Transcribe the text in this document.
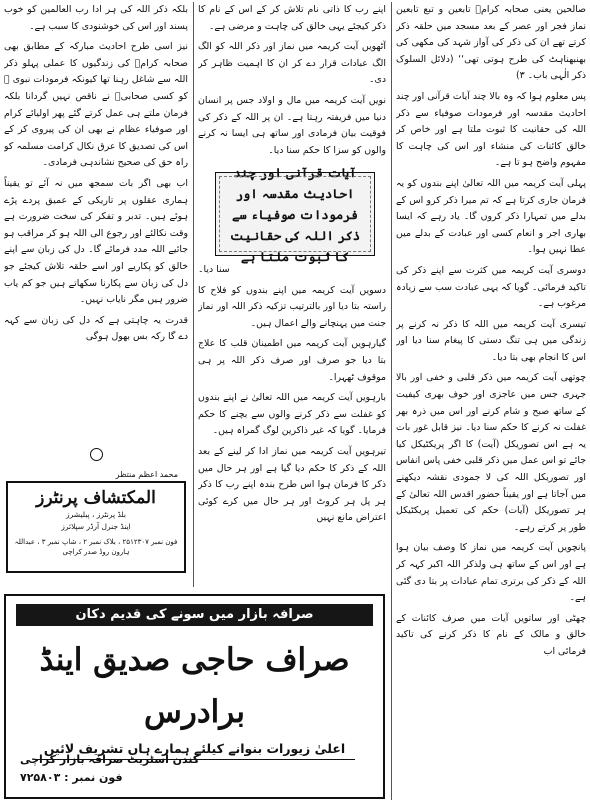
صالحین یعنی صحابہ کرامؓ تابعین و تبع تابعین نماز فجر اور عصر کے بعد مسجد میں حلقہ ذکر کرتے تھے ان کی ذکر کی آواز شہد کی مکھی کی بھنبھناہٹ کی طرح ہوتی تھی‘‘ (دلائل السلوک ذکر الٰہی باب۔ ۳)

پس معلوم ہوا کہ وہ بالا چند آیات قرآنی اور چند احادیث مقدسہ اور فرمودات صوفیاء سے ذکر اللہ کی حقانیت کا ثبوت ملتا ہے اور خاص کر خالق کائنات کی منشاء اور اس کی چاہت کا مفہوم واضح ہو تا ہے۔

پہلی آیت کریمہ میں اللہ تعالیٰ اپنے بندوں کو یہ فرمان جاری کرتا ہے کہ تم میرا ذکر کرو اس کے بدلے میں تمہارا ذکر کروں گا۔ یاد رہے کہ ایسا بھاری اجر و انعام کسی اور عبادت کے بدلے میں عطا نہیں ہوا۔

دوسری آیت کریمہ میں کثرت سے اپنے ذکر کی تاکید فرمائی۔ گویا کہ یہی عبادت سب سے زیادہ مرغوب ہے۔

تیسری آیت کریمہ میں اللہ کا ذکر نہ کرنے پر زندگی میں ہی تنگ دستی کا پیغام سنا دیا اور اس کا انجام بھی بتا دیا۔

چوتھی آیت کریمہ میں ذکر قلبی و خفی اور بالا جہری جس میں عاجزی اور خوف بھری کیفیت کے ساتھ صبح و شام کرنے اور اس میں ذرہ بھر غفلت نہ کرنے کا حکم سنا دیا۔ نیز قابل غور بات یہ ہے اس تصوریکل (آیت) کا اگر پریکٹیکل کیا جائے تو اس عمل میں ذکر قلبی خفی پاس انفاس اور تصوریکل اللہ کی لا جمودی نقشہ دیکھنے میں آجاتا ہے اور یقیناً حضور اقدس اللہ تعالیٰ کے ہر تصوریکل (آیات) حکم کی تعمیل پریکٹیکل طور پر کرتے رہے۔

پانچویں آیت کریمہ میں نماز کا وصف بیان ہوا ہے اور اس کے ساتھ ہی ولذکر اللہ اکبر کہہ کر اللہ کے ذکر کی برتری تمام عبادات پر بتا دی گئی ہے۔

چھٹی اور ساتویں آیات میں صرف کائنات کے خالق و مالک کے نام کا ذکر کرنے کی تاکید فرمائی اب

اپنے رب کا ذاتی نام تلاش کر کے اس کے نام کا ذکر کیجئے یہی خالق کی چاہت و مرضی ہے۔

آٹھویں آیت کریمہ میں نماز اور ذکر اللہ کو الگ الگ عبادات قرار دے کر ان کا اہمیت ظاہر کر دی۔

نویں آیت کریمہ میں مال و اولاد جس پر انسان دنیا میں فریفتہ رہتا ہے۔ ان پر اللہ کے ذکر کی فوقیت بیان فرمادی اور ساتھ ہی ایسا نہ کرنے والوں کو سزا کا حکم سنا دیا۔

آیات قرآنی اور چند احادیث مقدسہ اور فرمودات صوفیاء سے ذکر اللہ کی حقانیت کا ثبوت ملتا ہے

سنا دیا۔

دسویں آیت کریمہ میں اپنے بندوں کو فلاح کا راستہ بتا دیا اور بالترتیب تزکیہ ذکر اللہ اور نماز جنت میں پہنچانے والے اعمال ہیں۔

گیارہویں آیت کریمہ میں اطمینان قلب کا علاج بتا دیا جو صرف اور صرف ذکر اللہ پر ہی موقوف ٹھہرا۔

بارہویں آیت کریمہ میں اللہ تعالیٰ نے اپنے بندوں کو غفلت سے ذکر کرنے والوں سے بچنے کا حکم فرمایا۔ گویا کہ غیر ذاکرین لوگ گمراہ ہیں۔

تیرہویں آیت کریمہ میں نماز ادا کر لینے کے بعد اللہ کے ذکر کا حکم دیا گیا ہے اور ہر حال میں ذکر کا فرمان ہوا اس طرح بندہ اپنے رب کا ذکر ہر پل ہر کروٹ اور ہر حال میں کرے کوئی اعتراض مانع نہیں

بلکہ ذکر اللہ کی ہر ادا رب العالمین کو خوب پسند اور اس کی خوشنودی کا سبب ہے۔

نیز اسی طرح احادیث مبارکہ کے مطابق بھی صحابہ کرامؓ کی زندگیوں کا عملی پہلو ذکر اللہ سے شاغل رہنا تھا کیونکہ فرمودات نبوی ﷺ کو کسی صحابیؓ نے ناقص نہیں گردانا بلکہ فرمان ملتے ہی عمل کرتے گئے پھر اولیائے کرام اور صوفیاء عظام نے بھی ان کی پیروی کر کے اس کی تصدیق کا عرق نکال کرامت مسلمہ کو راہ حق کی صحیح نشاندہی فرمادی۔

اب بھی اگر بات سمجھ میں نہ آئے تو یقیناً ہماری عقلوں پر تاریکی کے عمیق پردے پڑے ہوئے ہیں۔ تدبر و تفکر کی سخت ضرورت ہے وقت نکالئے اور رجوع الی اللہ ہو کر مراقب ہو جائیے اللہ مدد فرمائے گا۔ دل کی زبان سے اپنے خالق کو پکاریے اور اسے حلقہ تلاش کیجئے جو دل کی زبان سے پکارنا سکھاتے ہیں جو کم یاب ضرور ہیں مگر نایاب نہیں۔

قدرت یہ چاہتی ہے کہ دل کی زبان سے کہہ دے گا رکہ بس بھول ہوگی

محمد اعظم منتظر
المکتشاف پرنٹرز
بلڈ پرنٹرز ، پبلیشرز
اینڈ جنرل آرڈر سپلائرز
فون نمبر ۲۵۱۲۳۰۷ ، بلاک نمبر ۲ ، شاپ نمبر ۳ ، عبداللہ ہارون روڈ صدر کراچی
صرافہ بازار میں سونے کی قدیم دکان
صراف حاجی صدیق اینڈ برادرس
اعلیٰ زیورات بنوانے کیلئے ہمارے ہاں تشریف لائیں
کندن اسٹریٹ صرافہ بازار کراچی
فون نمبر : ۷۲۵۸۰۳
